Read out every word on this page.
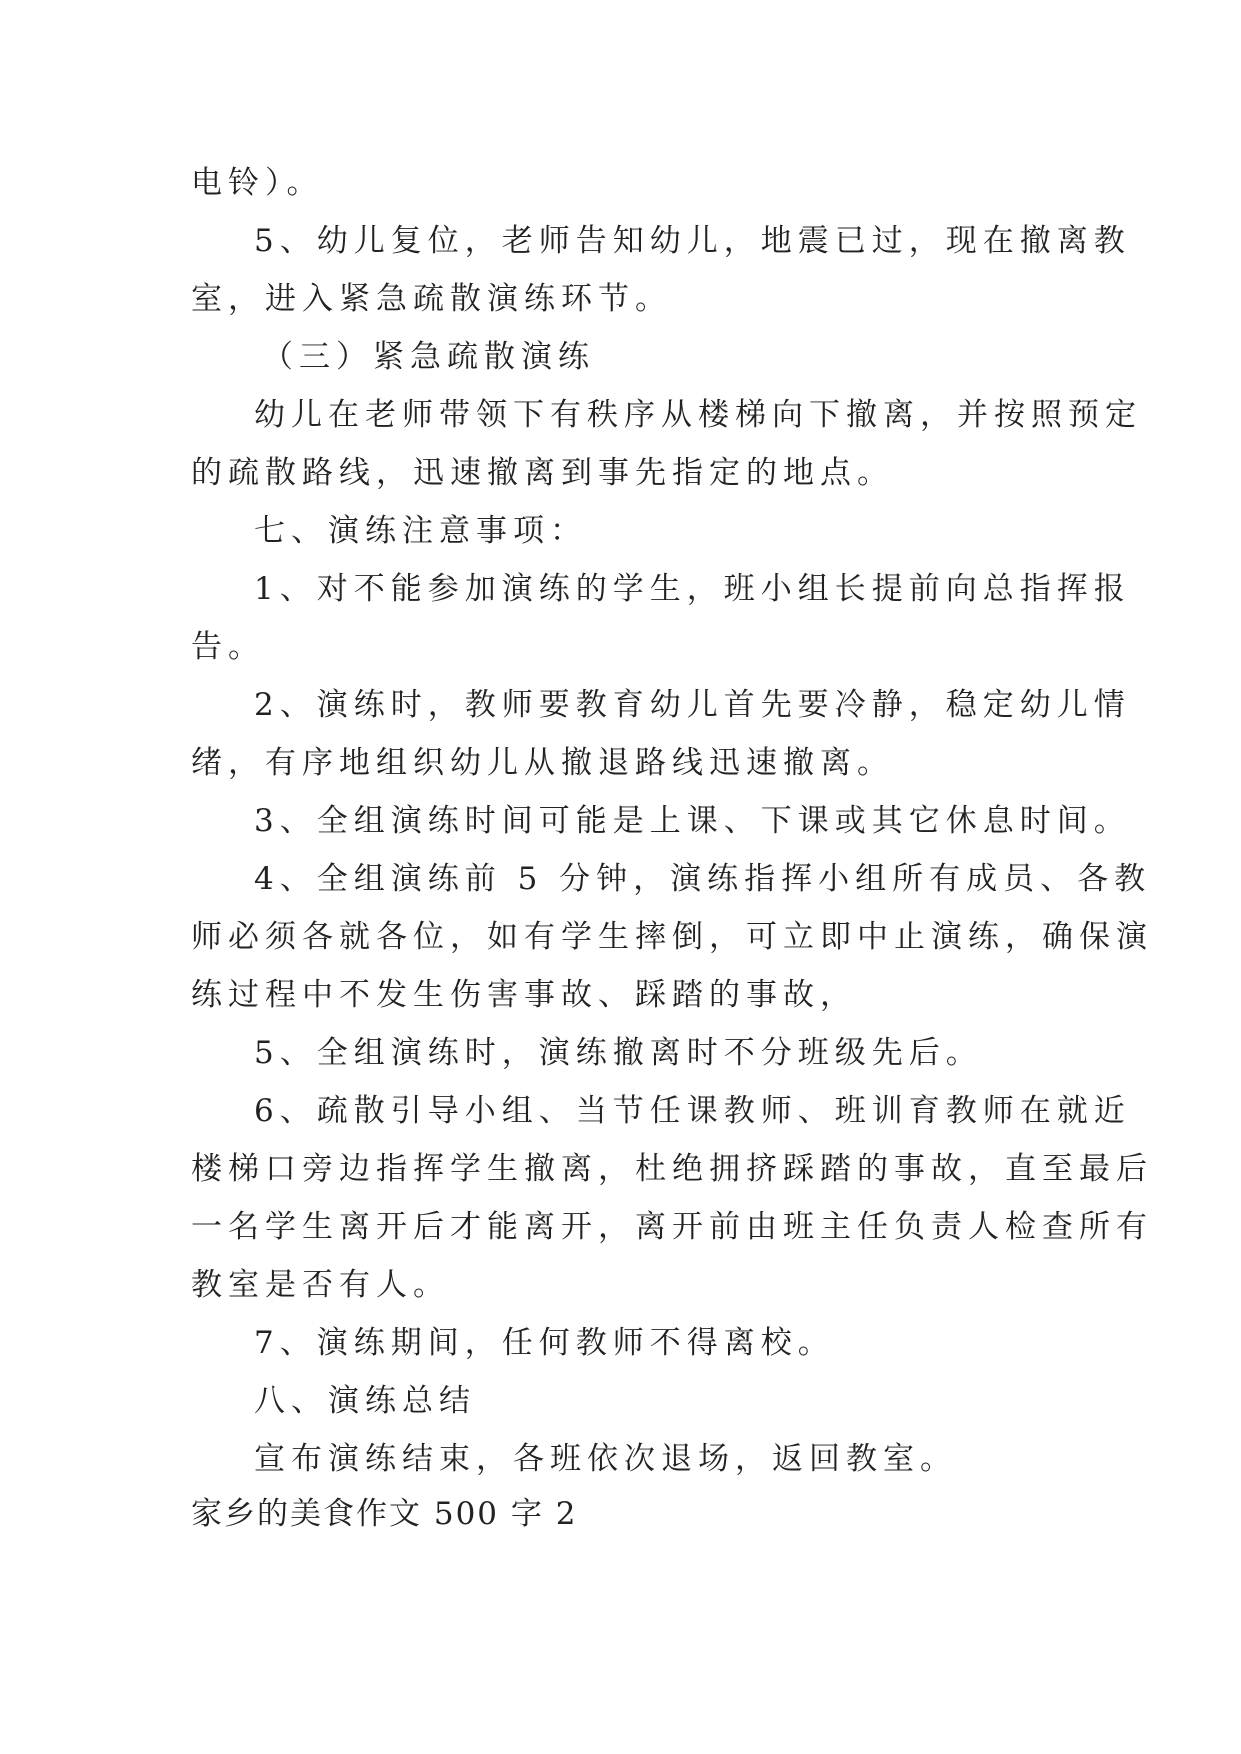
电铃）。
5、幼儿复位，老师告知幼儿，地震已过，现在撤离教
室，进入紧急疏散演练环节。
（三）紧急疏散演练
幼儿在老师带领下有秩序从楼梯向下撤离，并按照预定
的疏散路线，迅速撤离到事先指定的地点。
七、演练注意事项：
1、对不能参加演练的学生，班小组长提前向总指挥报
告。
2、演练时，教师要教育幼儿首先要冷静，稳定幼儿情
绪，有序地组织幼儿从撤退路线迅速撤离。
3、全组演练时间可能是上课、下课或其它休息时间。
4、全组演练前 5 分钟，演练指挥小组所有成员、各教
师必须各就各位，如有学生摔倒，可立即中止演练，确保演
练过程中不发生伤害事故、踩踏的事故，
5、全组演练时，演练撤离时不分班级先后。
6、疏散引导小组、当节任课教师、班训育教师在就近
楼梯口旁边指挥学生撤离，杜绝拥挤踩踏的事故，直至最后
一名学生离开后才能离开，离开前由班主任负责人检查所有
教室是否有人。
7、演练期间，任何教师不得离校。
八、演练总结
宣布演练结束，各班依次退场，返回教室。
家乡的美食作文 500 字 2
